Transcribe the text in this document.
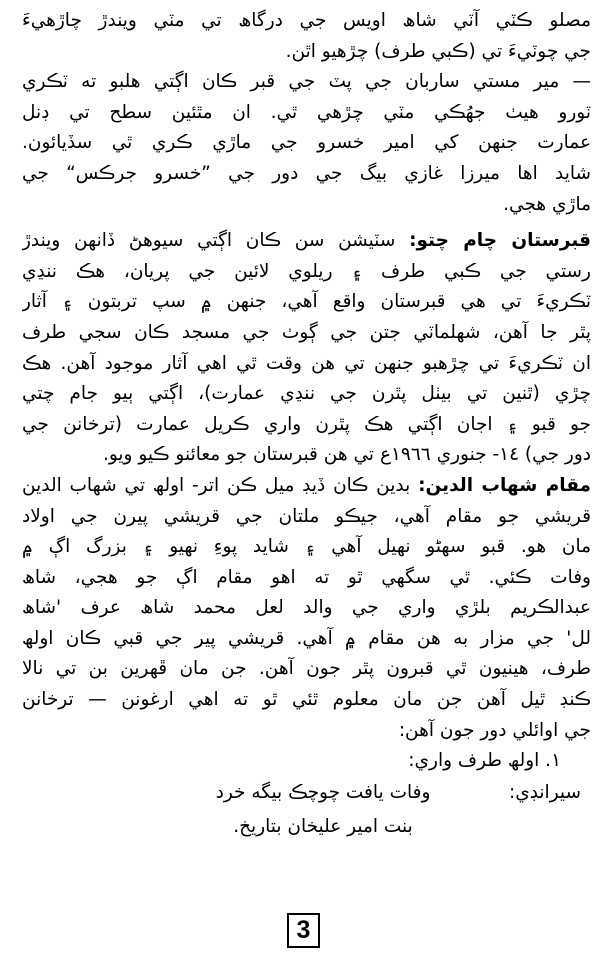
مصلو ڪٽي آٽي شاھ اويس جي درگاھ تي مٽي ويندڙ چاڙھيءَ
جي چوٽيءَ تي (ڪبي طرف) چڙھيو اٿن.
— مير مستي ساربان جي پٽ جي قبر ڪان اڳتي ھلبو ته ٽڪري
ٽورو ھيٺ جھُڪي مٽي چڙھي ٿي. ان مٿئين سطح تي ڊنل
عمارت جنھن کي امير خسرو جي ماڙي ڪري ٿي سڏيائون.
شايد اھا ميرزا غازي بيگ جي دور جي ”خسرو جرڪس“ جي
ماڙي ھجي.
قبرستان چام چتو: سٽيشن سن ڪان اڳتي سيوھڻ ڏانھن ويندڙ
رستي جي ڪبي طرف ۽ ريلوي لائين جي پريان، ھڪ ننڍي
ٽڪريءَ تي ھي قبرستان واقع آھي، جنھن ۾ سپ تربتون ۽ آثار
پٿر جا آھن، شھلماٽي جتن جي ڳوٺ جي مسجد ڪان سجي طرف
ان ٽڪريءَ تي چڙھبو جنھن تي ھن وقت ٿي اھي آثار موجود آھن. ھڪ
چڙي (ٿنين تي بيٺل پٿرن جي ننڍي عمارت)، اڳتي ٻيو جام چتي
جو قبو ۽ اجان اڳتي ھڪ پٿرن واري ڪريل عمارت (ترخانن جي
دور جي) ١٤- جنوري ١٩٦٦ع تي ھن قبرستان جو معائنو ڪيو ويو.
مقام شھاب الدين: بدين ڪان ڏيڊ ميل ڪن اتر- اولھ تي شھاب الدين
قريشي جو مقام آھي، جيڪو ملتان جي قريشي پيرن جي اولاد
مان ھو. قبو سھڻو نھيل آھي ۽ شايد پوءِ نھيو ۽ بزرگ اڳ ۾
وفات ڪئي. ٿي سگھي ٿو ته اھو مقام اڳ جو ھجي، شاھ
عبدالڪريم بلڙي واري جي والد لعل محمد شاھ عرف 'شاھ
لل' جي مزار به ھن مقام ۾ آھي. قريشي پير جي قبي ڪان اولھ
طرف، ھينيون ٿي قبرون پٿر جون آھن. جن مان ڦھرين بن تي نالا
ڪنڊ ٿيل آھن جن مان معلوم ٿئي ٿو ته اھي ارغونن — ترخانن
جي اوائلي دور جون آھن:
١. اولھ طرف واري:
سيرانڊي:
وفات يافت چوچڪ بيگه خرد
بنت امير عليخان بتاريخ.
3
